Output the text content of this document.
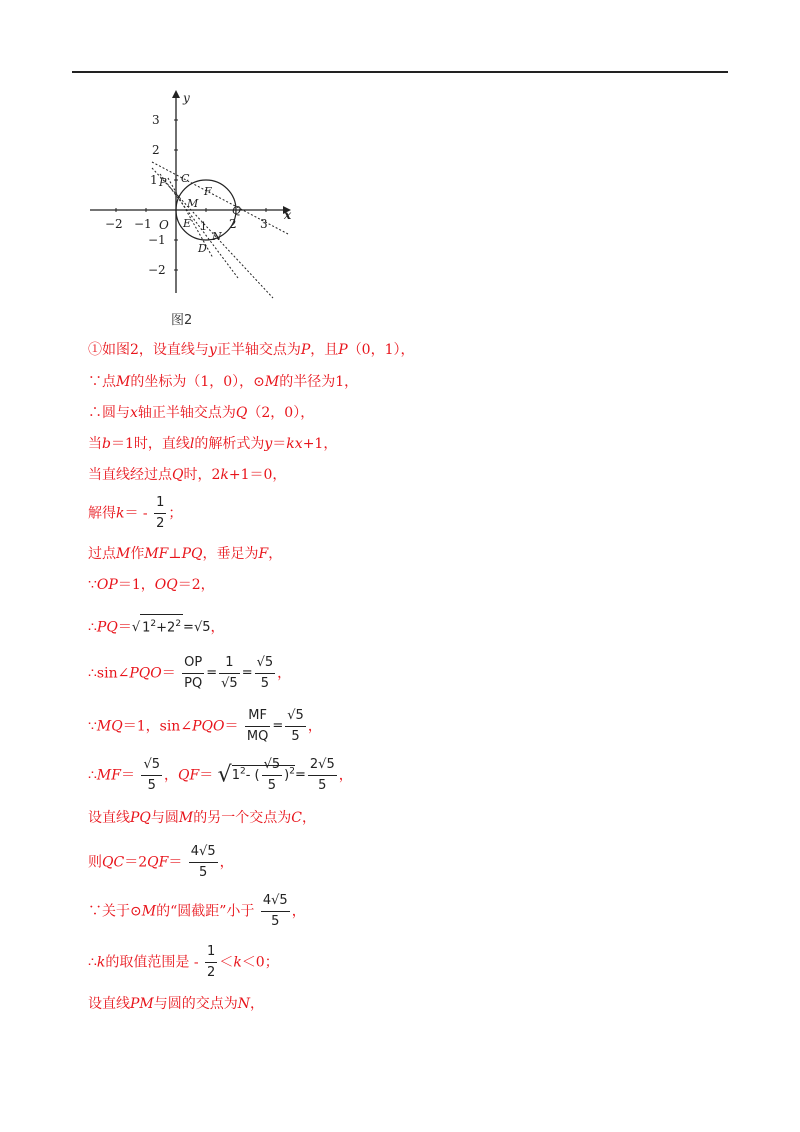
−2 −1 O	1 2 3
x
y
3
2
1
−1
−2
P C
F
M
E
Q
D
N
图2
①如图2，设直线与y正半轴交点为P，且P（0，1），
∵点M的坐标为（1，0），⊙M的半径为1，
∴圆与x轴正半轴交点为Q（2，0），
当b＝1时，直线l的解析式为y＝kx+1，
当直线经过点Q时，2k+1＝0，
解得$k= - \frac{1}{2}$ ；
过点M作MF⊥PQ，垂足为F，
∵OP＝1，OQ＝2，
∴PQ＝√ $1^2+2^2 =√5$，
∴sin∠PQO＝ $\frac{OP}{PQ} = \frac{1}{√5} = \frac{√5}{5}$ ，
∵MQ＝1，sin∠PQO＝ $\frac{MF}{MQ} = \frac{√5}{5}$ ，
∴MF＝ $\frac{√5}{5}$ ，$QF= √1^2-$ ( $\frac{√5}{5} )^2= \frac{2√5}{5}$ ，
设直线PQ与圆M的另一个交点为C，
则$QC=2QF= \frac{4√5}{5}$ ，
∵关于⊙M的“圆截距”小于 $\frac{4√5}{5}$ ，
∴k的取值范围是 - $\frac{1}{2} <k<0$；
设直线PM与圆的交点为N，
